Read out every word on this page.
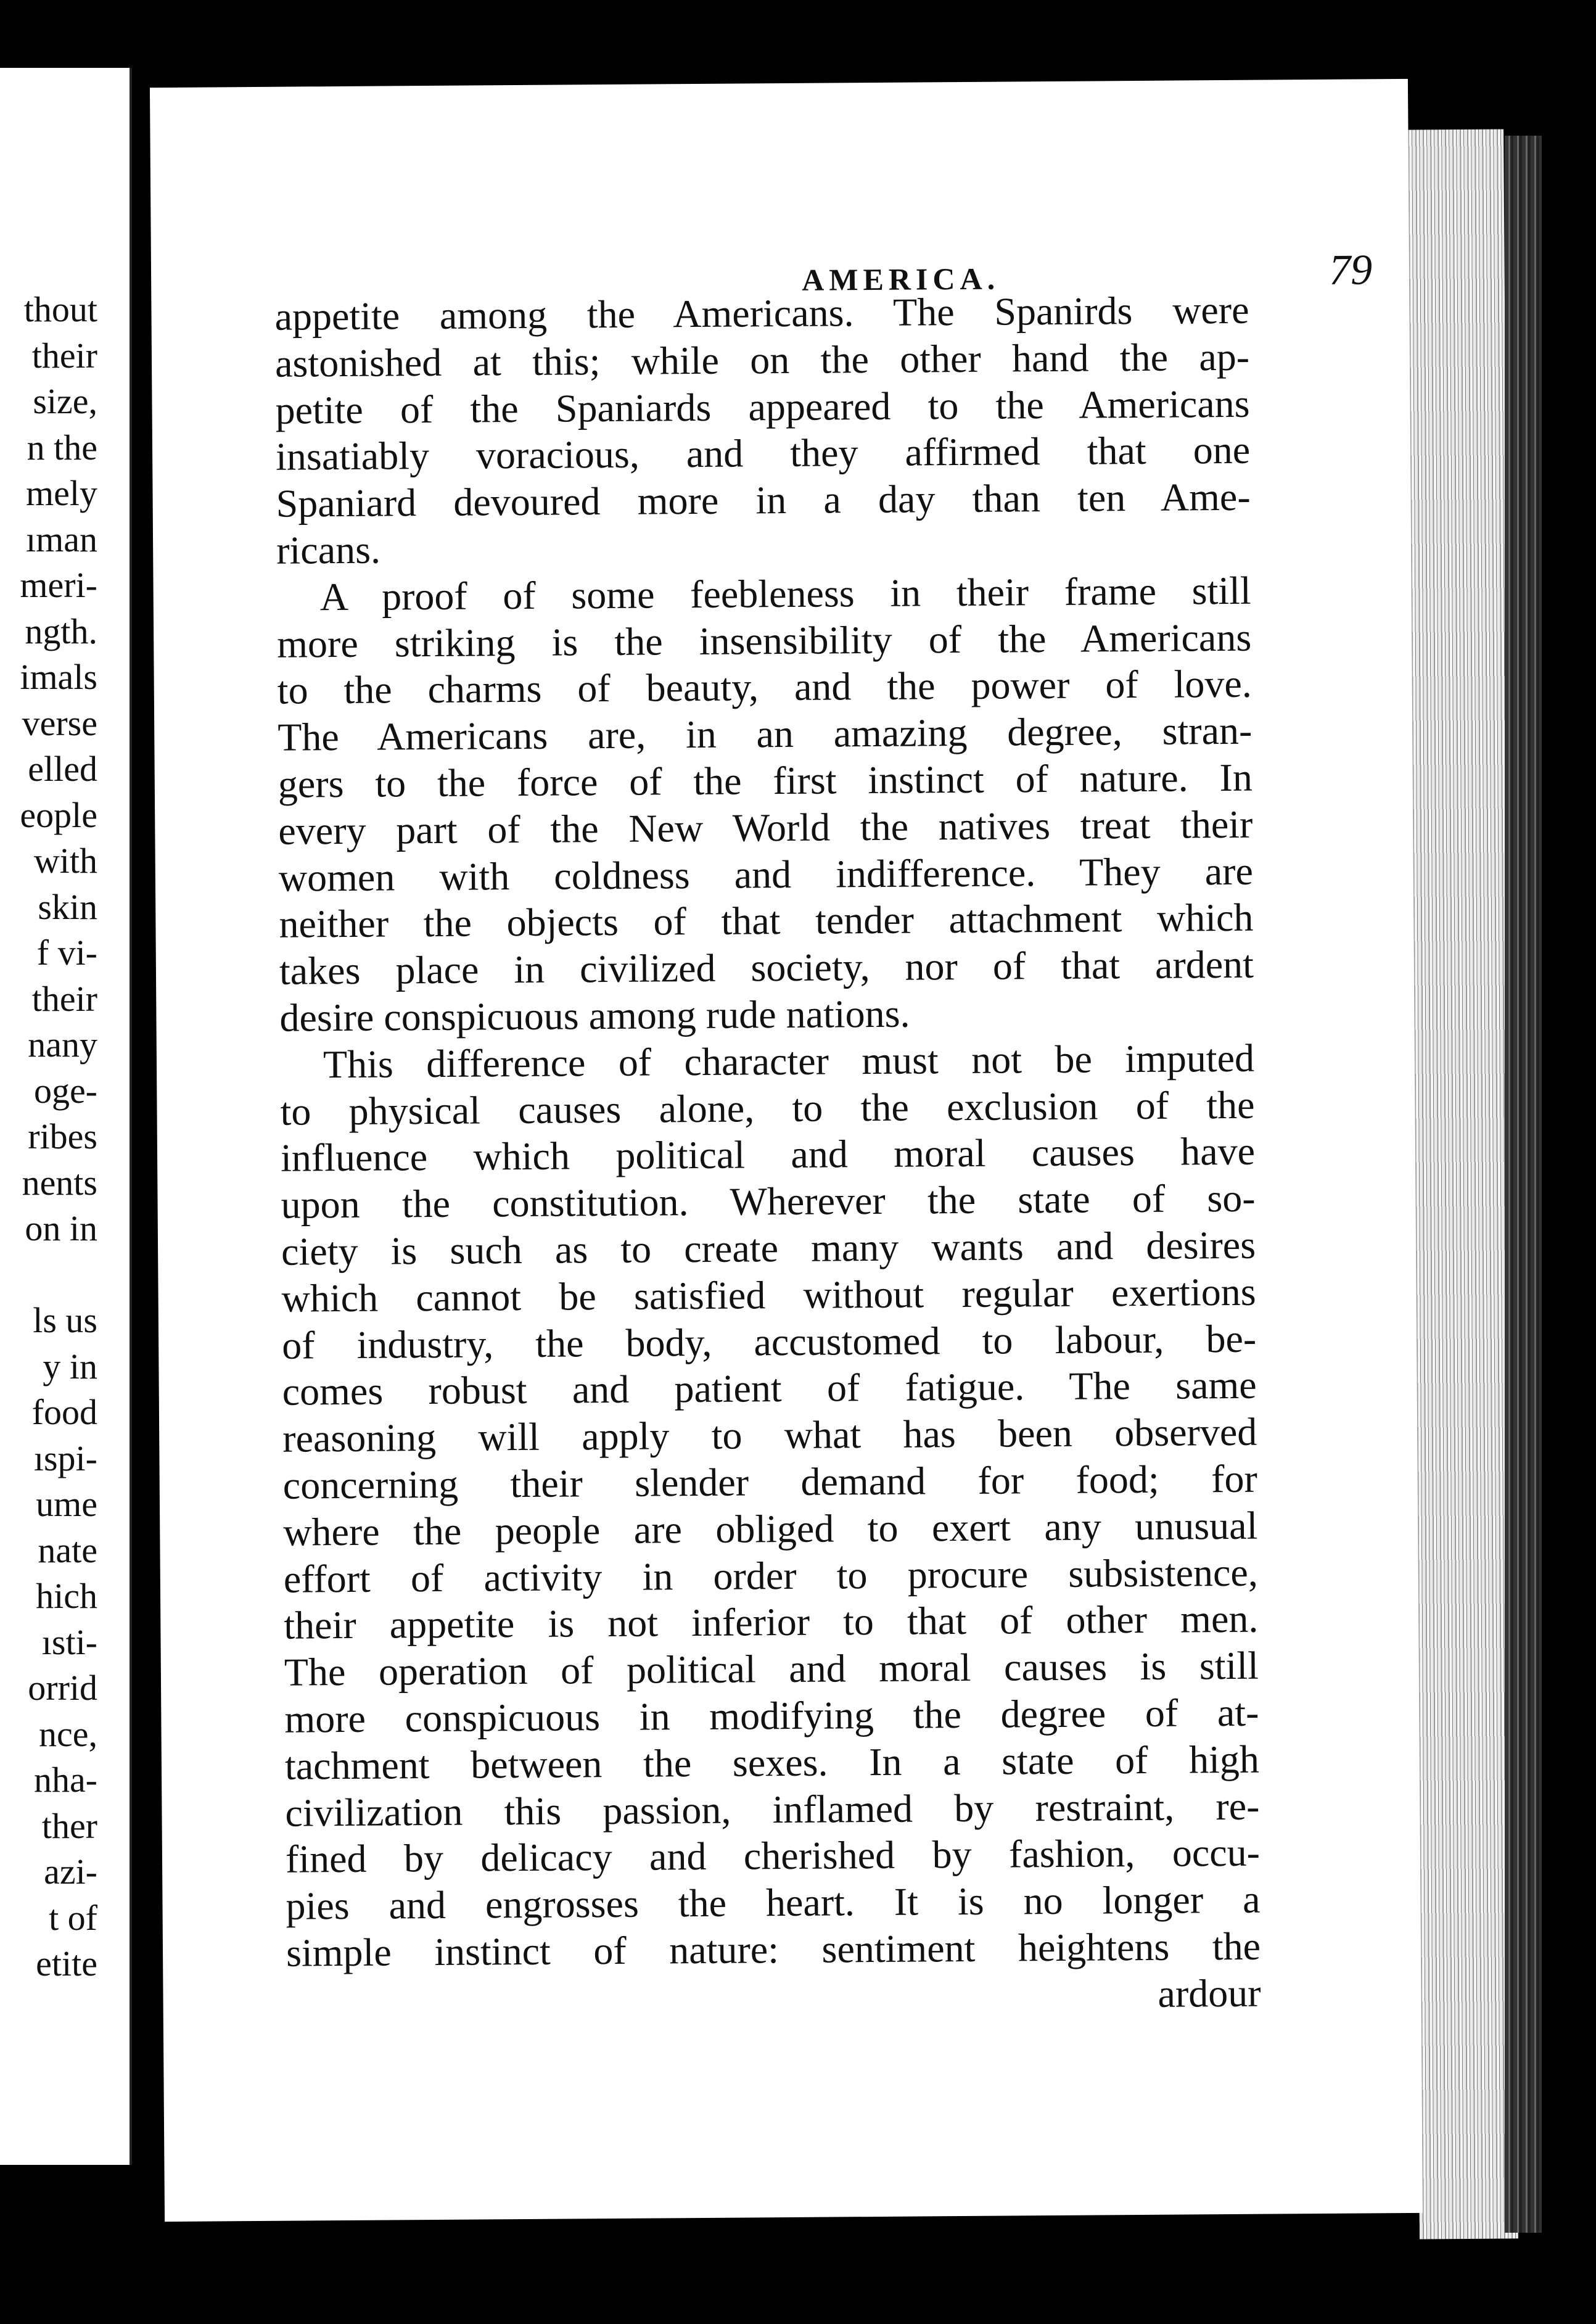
thout
their
size,
n the
mely
ıman
meri-
ngth.
imals
verse
elled
eople
with
skin
f vi-
their
nany
oge-
ribes
nents
on in
ls us
y in
food
ıspi-
ume
nate
hich
ısti-
orrid
nce,
nha-
ther
azi-
t of
etite
AMERICA.	79
appetite among the Americans. The Spanirds were
astonished at this; while on the other hand the ap-
petite of the Spaniards appeared to the Americans
insatiably voracious, and they affirmed that one
Spaniard devoured more in a day than ten Ame-
ricans.
A proof of some feebleness in their frame still
more striking is the insensibility of the Americans
to the charms of beauty, and the power of love.
The Americans are, in an amazing degree, stran-
gers to the force of the first instinct of nature. In
every part of the New World the natives treat their
women with coldness and indifference. They are
neither the objects of that tender attachment which
takes place in civilized society, nor of that ardent
desire conspicuous among rude nations.
This difference of character must not be imputed
to physical causes alone, to the exclusion of the
influence which political and moral causes have
upon the constitution. Wherever the state of so-
ciety is such as to create many wants and desires
which cannot be satisfied without regular exertions
of industry, the body, accustomed to labour, be-
comes robust and patient of fatigue. The same
reasoning will apply to what has been observed
concerning their slender demand for food; for
where the people are obliged to exert any unusual
effort of activity in order to procure subsistence,
their appetite is not inferior to that of other men.
The operation of political and moral causes is still
more conspicuous in modifying the degree of at-
tachment between the sexes. In a state of high
civilization this passion, inflamed by restraint, re-
fined by delicacy and cherished by fashion, occu-
pies and engrosses the heart. It is no longer a
simple instinct of nature: sentiment heightens the
ardour
